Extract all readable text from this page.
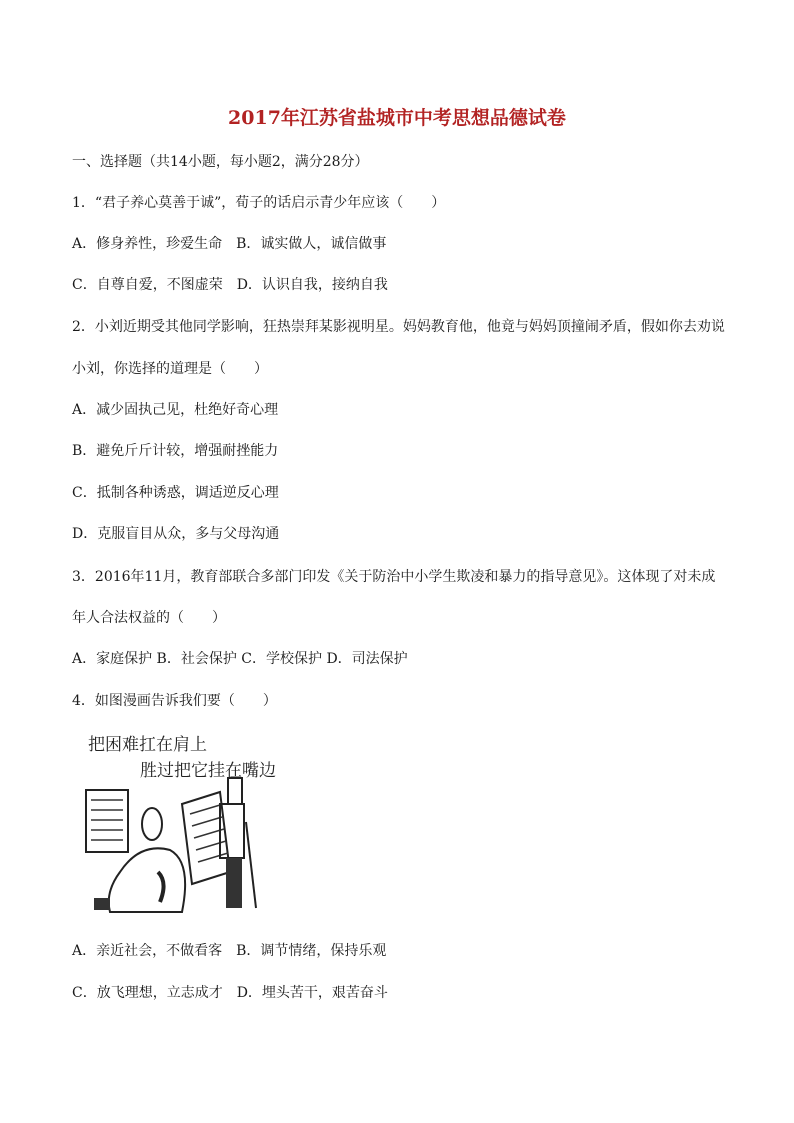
2017年江苏省盐城市中考思想品德试卷
一、选择题（共14小题，每小题2，满分28分）
1．“君子养心莫善于诚”，荀子的话启示青少年应该（　　）
A．修身养性，珍爱生命　B．诚实做人，诚信做事
C．自尊自爱，不图虚荣　D．认识自我，接纳自我
2．小刘近期受其他同学影响，狂热崇拜某影视明星。妈妈教育他，他竟与妈妈顶撞闹矛盾，假如你去劝说
小刘，你选择的道理是（　　）
A．减少固执己见，杜绝好奇心理
B．避免斤斤计较，增强耐挫能力
C．抵制各种诱惑，调适逆反心理
D．克服盲目从众，多与父母沟通
3．2016年11月，教育部联合多部门印发《关于防治中小学生欺凌和暴力的指导意见》。这体现了对未成
年人合法权益的（　　）
A．家庭保护 B．社会保护 C．学校保护 D．司法保护
4．如图漫画告诉我们要（　　）
把困难扛在肩上
胜过把它挂在嘴边
A．亲近社会，不做看客　B．调节情绪，保持乐观
C．放飞理想，立志成才　D．埋头苦干，艰苦奋斗
